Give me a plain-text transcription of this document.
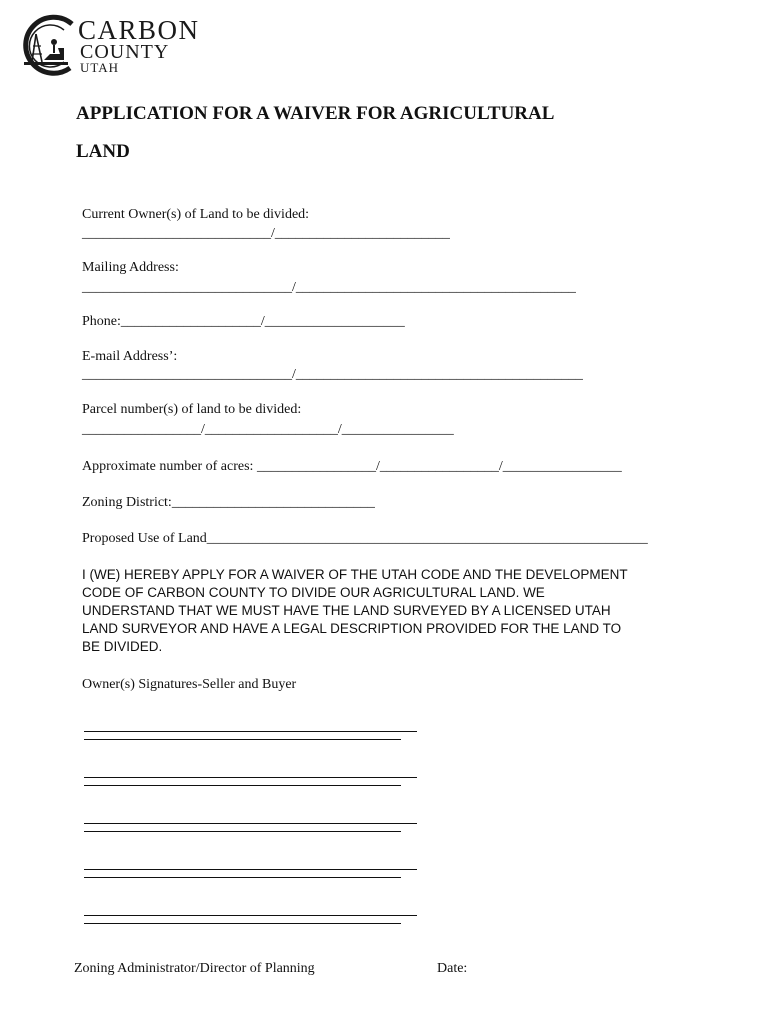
CARBON
COUNTY
UTAH
APPLICATION FOR A WAIVER FOR AGRICULTURAL
LAND

Current Owner(s) of Land to be divided:

___________________________/_________________________

Mailing Address:

______________________________/________________________________________

Phone:____________________/____________________

E-mail Address’:

______________________________/_________________________________________

Parcel number(s) of land to be divided:

_________________/___________________/________________

Approximate number of acres: _________________/_________________/_________________

Zoning District:_____________________________

Proposed Use of Land_______________________________________________________________

I (WE) HEREBY APPLY FOR A WAIVER OF THE UTAH CODE AND THE DEVELOPMENT
CODE OF CARBON COUNTY TO DIVIDE OUR AGRICULTURAL LAND. WE
UNDERSTAND THAT WE MUST HAVE THE LAND SURVEYED BY A LICENSED UTAH
LAND SURVEYOR AND HAVE A LEGAL DESCRIPTION PROVIDED FOR THE LAND TO
BE DIVIDED.

Owner(s) Signatures-Seller and Buyer

Zoning Administrator/Director of Planning	Date:
